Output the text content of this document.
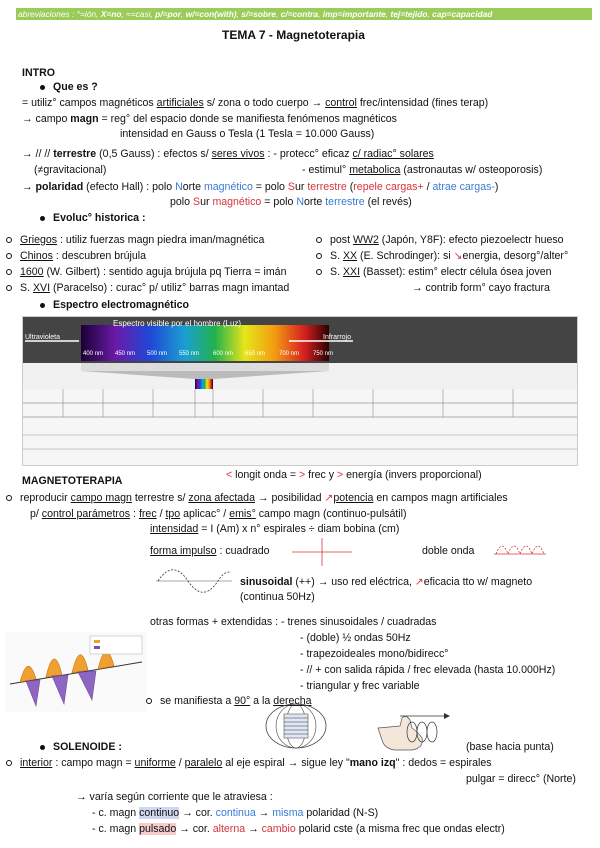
abreviaciones : °=ión, X=no, ≈=casi, p/=por, w/=con(with), s/=sobre, c/=contra, imp=importante, tej=tejido, cap=capacidad
TEMA 7 - Magnetoterapia
INTRO
Que es ?
= utiliz° campos magnéticos artificiales s/ zona o todo cuerpo → control frec/intensidad (fines terap)
→ campo magn = reg° del espacio donde se manifiesta fenómenos magnéticos
intensidad en Gauss o Tesla (1 Tesla = 10.000 Gauss)
→ // // terrestre (0,5 Gauss) : efectos s/ seres vivos : - protecc° eficaz c/ radiac° solares
(≠gravitacional)	- estimul° metabolica (astronautas w/ osteoporosis)
→ polaridad (efecto Hall) : polo Norte magnético = polo Sur terrestre (repele cargas+ / atrae cargas-)
polo Sur magnético = polo Norte terrestre (el revés)
Evoluc° historica :
Griegos : utiliz fuerzas magn piedra iman/magnética
Chinos : descubren brújula
1600 (W. Gilbert) : sentido aguja brújula pq Tierra = imán
S. XVI (Paracelso) : curac° p/ utiliz° barras magn imantad
post WW2 (Japón, Y8F): efecto piezoelectr hueso
S. XX (E. Schrodinger): si ↘energia, desorg°/alter°
S. XXI (Basset): estim° electr célula ósea joven
→ contrib form° cayo fractura
Espectro electromagnético
Espectro visible por el hombre (Luz)
Ultravioleta	Infrarrojo
400 nm 450 nm 500 nm 550 nm 600 nm 650 nm 700 nm 750 nm
< longit onda = > frec y > energía (invers proporcional)
MAGNETOTERAPIA
reproducir campo magn terrestre s/ zona afectada → posibilidad ↗potencia en campos magn artificiales
p/ control parámetros : frec / tpo aplicac° / emis° campo magn (continuo-pulsátil)
intensidad = I (Am) x n° espirales ÷ diam bobina (cm)
forma impulso : cuadrado	doble onda
sinusoidal (++) → uso red eléctrica, ↗eficacia tto w/ magneto
(continua 50Hz)
otras formas + extendidas : - trenes sinusoidales / cuadradas
- (doble) ½ ondas 50Hz
- trapezoideales mono/bidirecc°
- // + con salida rápida / frec elevada (hasta 10.000Hz)
- triangular y frec variable
se manifiesta a 90° a la derecha
SOLENOIDE :	(base hacia punta)
interior : campo magn = uniforme / paralelo al eje espiral → sigue ley "mano izq" : dedos = espirales
pulgar = direcc° (Norte)
→ varía según corriente que le atraviesa :
- c. magn continuo → cor. continua → misma polaridad (N-S)
- c. magn pulsado → cor. alterna → cambio polarid cste (a misma frec que ondas electr)
